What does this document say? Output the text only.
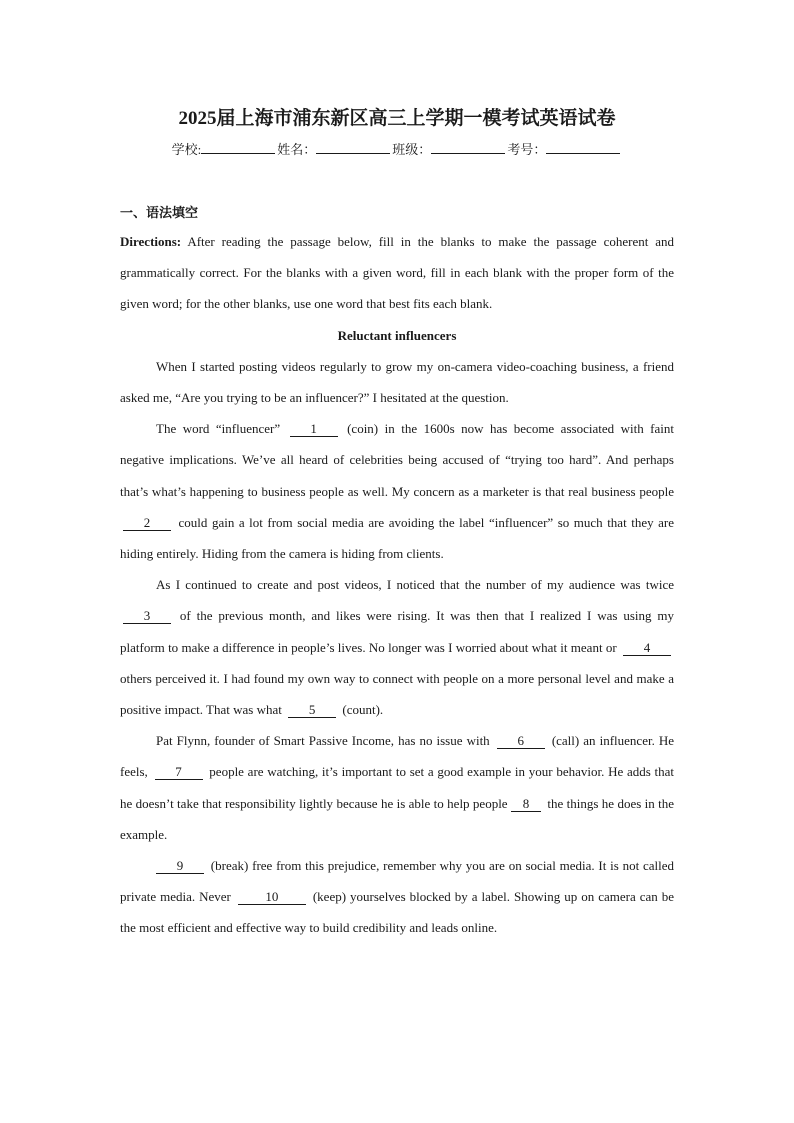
2025届上海市浦东新区高三上学期一模考试英语试卷
学校:	姓名：	班级：	考号：
一、语法填空

Directions: After reading the passage below, fill in the blanks to make the passage coherent and grammatically correct. For the blanks with a given word, fill in each blank with the proper form of the given word; for the other blanks, use one word that best fits each blank.

Reluctant influencers

When I started posting videos regularly to grow my on-camera video-coaching business, a friend asked me, “Are you trying to be an influencer?” I hesitated at the question.

The word “influencer” 1 (coin) in the 1600s now has become associated with faint negative implications. We’ve all heard of celebrities being accused of “trying too hard”. And perhaps that’s what’s happening to business people as well. My concern as a marketer is that real business people 2 could gain a lot from social media are avoiding the label “influencer” so much that they are hiding entirely. Hiding from the camera is hiding from clients.

As I continued to create and post videos, I noticed that the number of my audience was twice 3 of the previous month, and likes were rising. It was then that I realized I was using my platform to make a difference in people’s lives. No longer was I worried about what it meant or 4 others perceived it. I had found my own way to connect with people on a more personal level and make a positive impact. That was what 5 (count).

Pat Flynn, founder of Smart Passive Income, has no issue with 6 (call) an influencer. He feels, 7 people are watching, it’s important to set a good example in your behavior. He adds that he doesn’t take that responsibility lightly because he is able to help people 8 the things he does in the example.

9 (break) free from this prejudice, remember why you are on social media. It is not called private media. Never	10	(keep) yourselves blocked by a label. Showing up on camera can be the most efficient and effective way to build credibility and leads online.
